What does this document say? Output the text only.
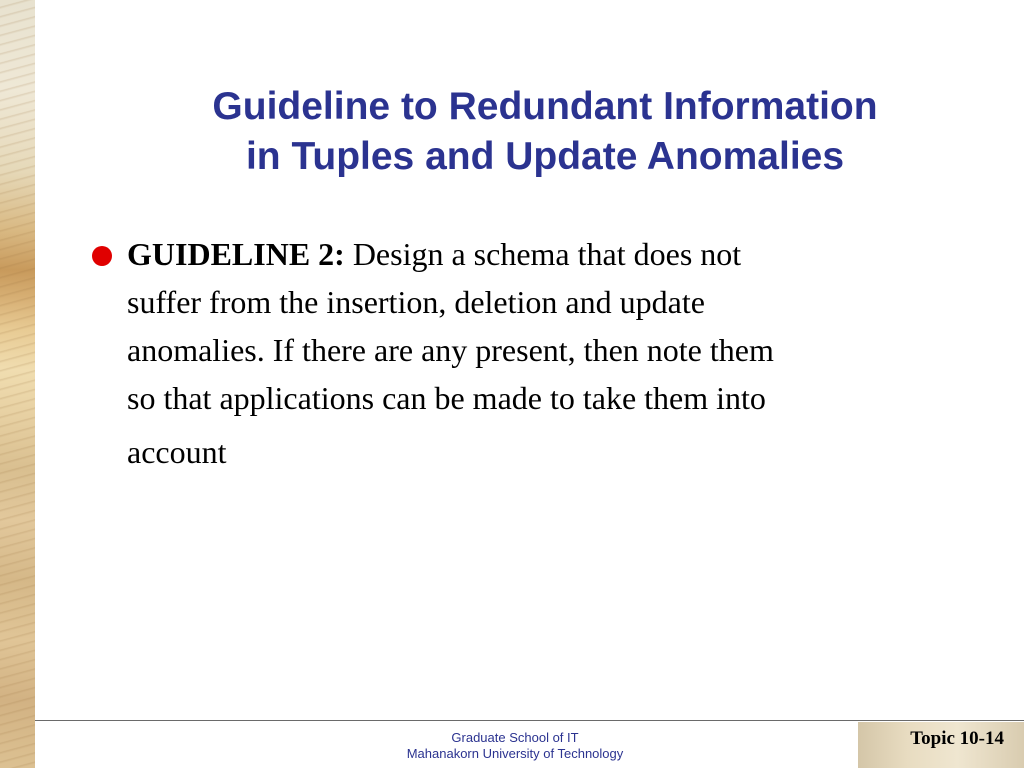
Guideline to Redundant Information
in Tuples and Update Anomalies
GUIDELINE 2: Design a schema that does not
suffer from the insertion, deletion and update
anomalies. If there are any present, then note them
so that applications can be made to take them into
account
Graduate School of IT
Mahanakorn University of Technology
Topic 10-14
